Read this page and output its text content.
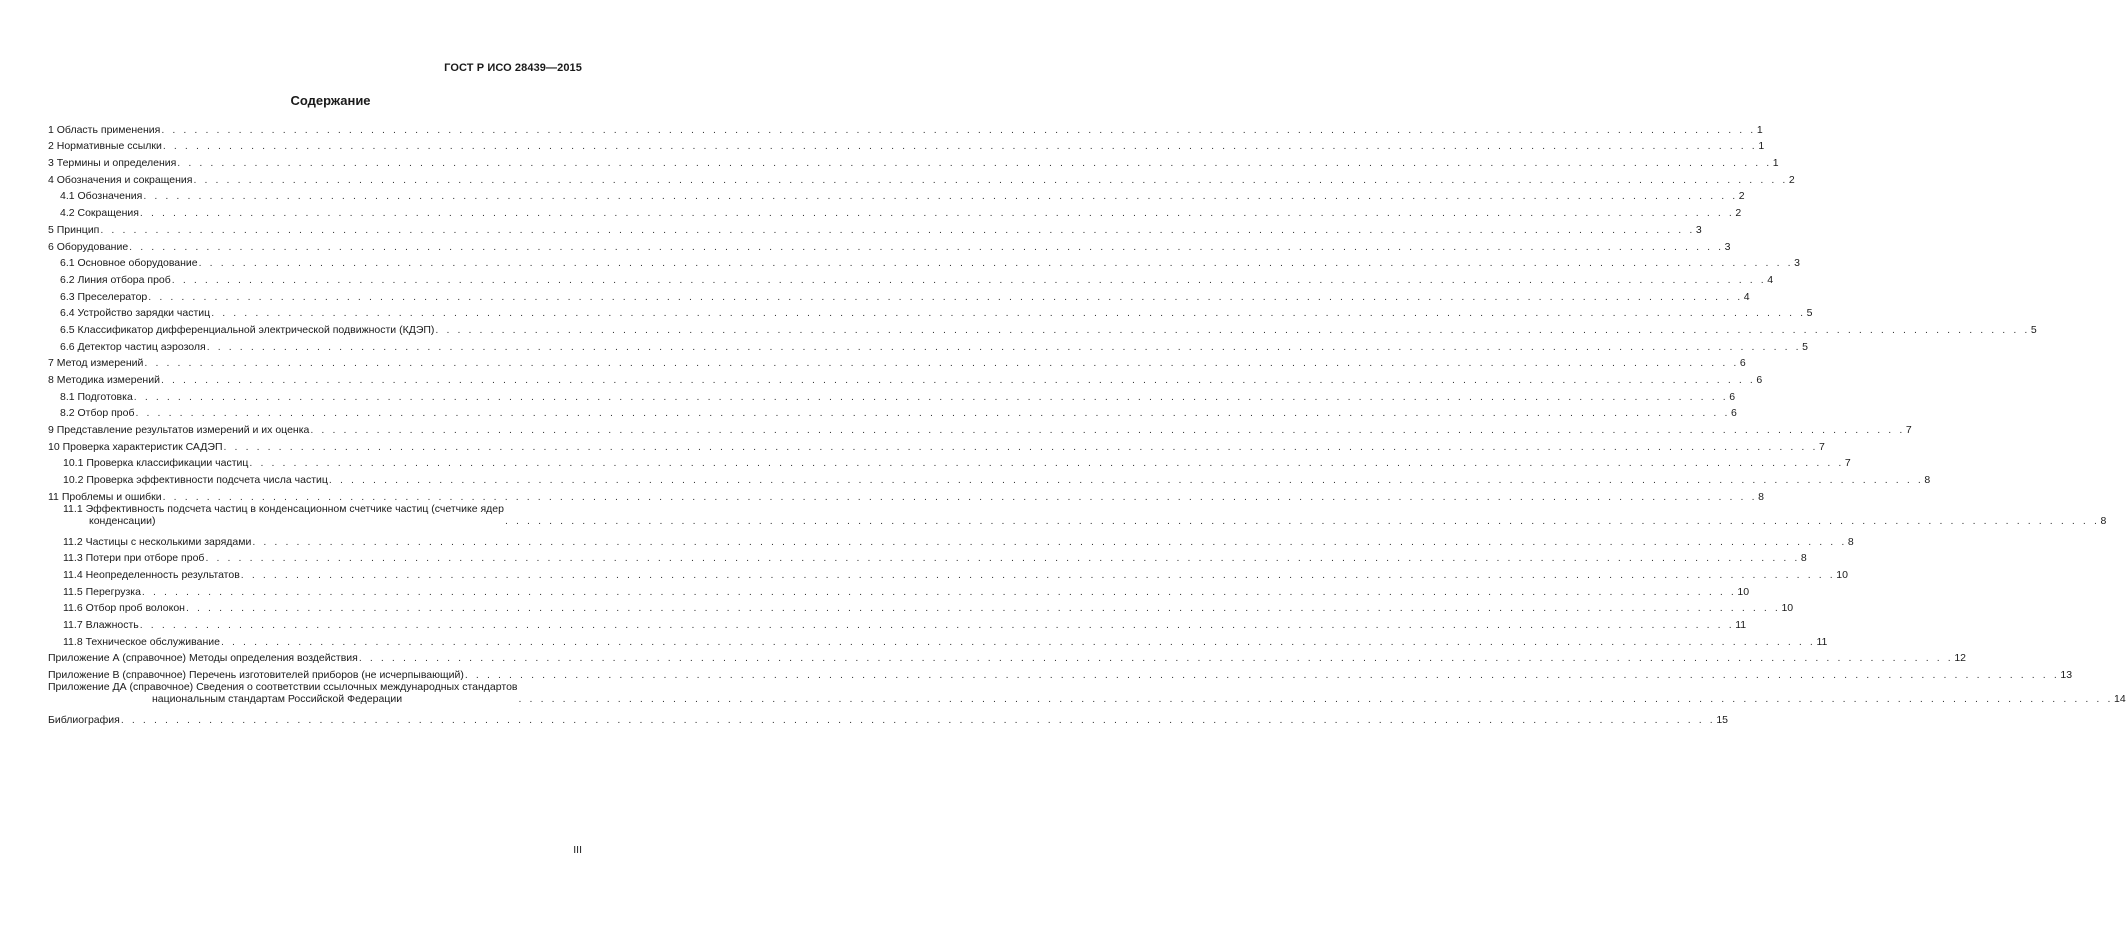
ГОСТ Р ИСО 28439—2015
Содержание
1 Область применения . . .	1
2 Нормативные ссылки . . .	1
3 Термины и определения . . .	1
4 Обозначения и сокращения . . .	2
4.1 Обозначения . . .	2
4.2 Сокращения . . .	2
5 Принцип . . .	3
6 Оборудование . . .	3
6.1 Основное оборудование . . .	3
6.2 Линия отбора проб . . .	4
6.3 Преселератор . . .	4
6.4 Устройство зарядки частиц . . .	5
6.5 Классификатор дифференциальной электрической подвижности (КДЭП) . . .	5
6.6 Детектор частиц аэрозоля . . .	5
7 Метод измерений . . .	6
8 Методика измерений . . .	6
8.1 Подготовка . . .	6
8.2 Отбор проб . . .	6
9 Представление результатов измерений и их оценка . . .	7
10 Проверка характеристик САДЭП . . .	7
10.1 Проверка классификации частиц . . .	7
10.2 Проверка эффективности подсчета числа частиц . . .	8
11 Проблемы и ошибки . . .	8
11.1 Эффективность подсчета частиц в конденсационном счетчике частиц (счетчике ядер
конденсации) . . .	8
11.2 Частицы с несколькими зарядами . . .	8
11.3 Потери при отборе проб . . .	8
11.4 Неопределенность результатов . . .	10
11.5 Перегрузка . . .	10
11.6 Отбор проб волокон . . .	10
11.7 Влажность . . .	11
11.8 Техническое обслуживание . . .	11
Приложение А (справочное) Методы определения воздействия . . .	12
Приложение В (справочное) Перечень изготовителей приборов (не исчерпывающий) . . .	13
Приложение ДА (справочное) Сведения о соответствии ссылочных международных стандартов
национальным стандартам Российской Федерации . . .	14
Библиография . . .	15
III
